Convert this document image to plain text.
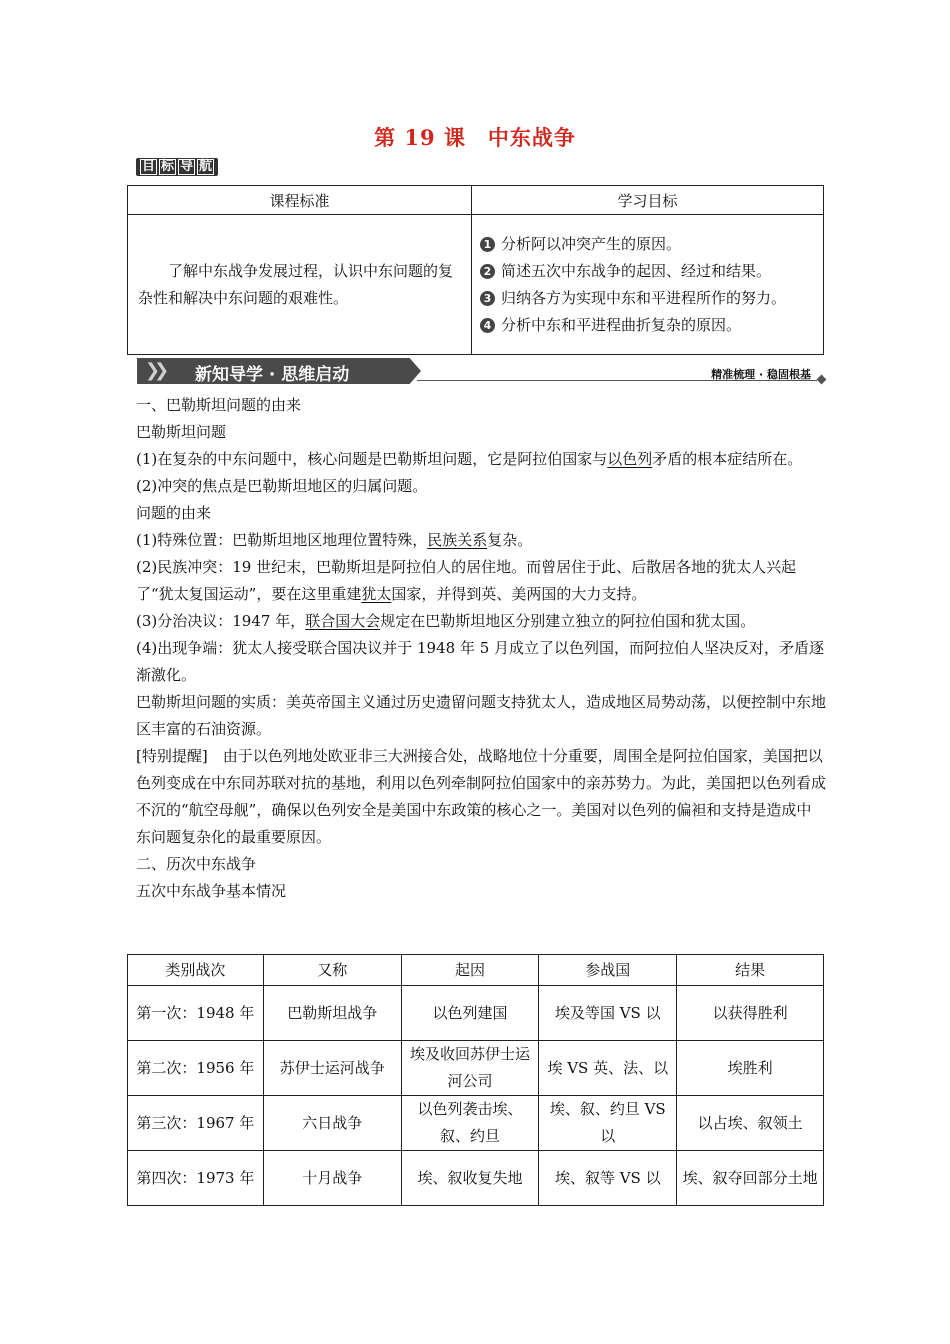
第 19 课　中东战争
目 标 导 航
课程标准	学习目标
了解中东战争发展过程，认识中东问题的复杂性和解决中东问题的艰难性。	1 分析阿以冲突产生的原因。
2 简述五次中东战争的起因、经过和结果。
3 归纳各方为实现中东和平进程所作的努力。
4 分析中东和平进程曲折复杂的原因。
❯❯ 新知导学 · 思维启动	精准梳理 · 稳固根基

一、巴勒斯坦问题的由来

巴勒斯坦问题

(1)在复杂的中东问题中，核心问题是巴勒斯坦问题，它是阿拉伯国家与以色列矛盾的根本症结所在。

(2)冲突的焦点是巴勒斯坦地区的归属问题。

问题的由来

(1)特殊位置：巴勒斯坦地区地理位置特殊，民族关系复杂。

(2)民族冲突：19 世纪末，巴勒斯坦是阿拉伯人的居住地。而曾居住于此、后散居各地的犹太人兴起了“犹太复国运动”，要在这里重建犹太国家，并得到英、美两国的大力支持。

(3)分治决议：1947 年，联合国大会规定在巴勒斯坦地区分别建立独立的阿拉伯国和犹太国。

(4)出现争端：犹太人接受联合国决议并于 1948 年 5 月成立了以色列国，而阿拉伯人坚决反对，矛盾逐渐激化。

巴勒斯坦问题的实质：美英帝国主义通过历史遗留问题支持犹太人，造成地区局势动荡，以便控制中东地区丰富的石油资源。

[特别提醒]　由于以色列地处欧亚非三大洲接合处，战略地位十分重要，周围全是阿拉伯国家，美国把以色列变成在中东同苏联对抗的基地，利用以色列牵制阿拉伯国家中的亲苏势力。为此，美国把以色列看成不沉的“航空母舰”，确保以色列安全是美国中东政策的核心之一。美国对以色列的偏袒和支持是造成中东问题复杂化的最重要原因。

二、历次中东战争

五次中东战争基本情况

类别战次	又称	起因	参战国	结果
第一次：1948 年	巴勒斯坦战争	以色列建国	埃及等国 VS 以	以获得胜利
第二次：1956 年	苏伊士运河战争	埃及收回苏伊士运河公司	埃 VS 英、法、以	埃胜利
第三次：1967 年	六日战争	以色列袭击埃、叙、约旦	埃、叙、约旦 VS 以	以占埃、叙领土
第四次：1973 年	十月战争	埃、叙收复失地	埃、叙等 VS 以	埃、叙夺回部分土地
